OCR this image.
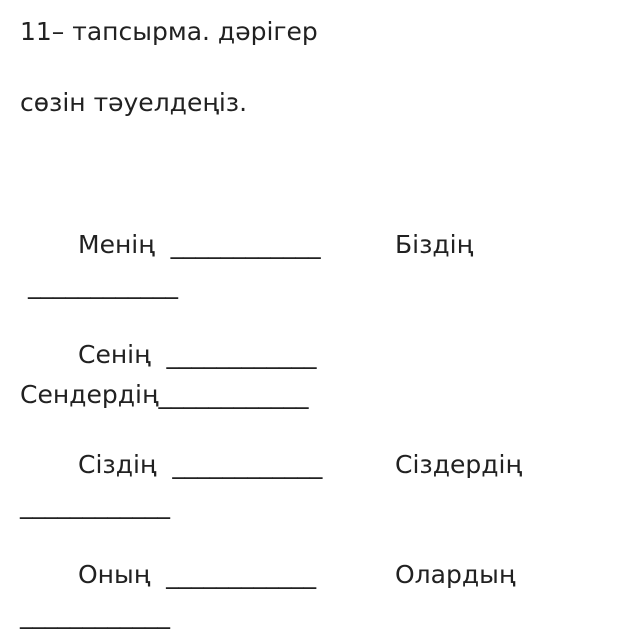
11– тапсырма. дәрігер
сөзін тәуелдеңіз.
Менің  ____________	Біздің
____________
Сенің  ____________
Сендердің____________
Сіздің  ____________	Сіздердің
____________
Оның  ____________	Олардың
____________
